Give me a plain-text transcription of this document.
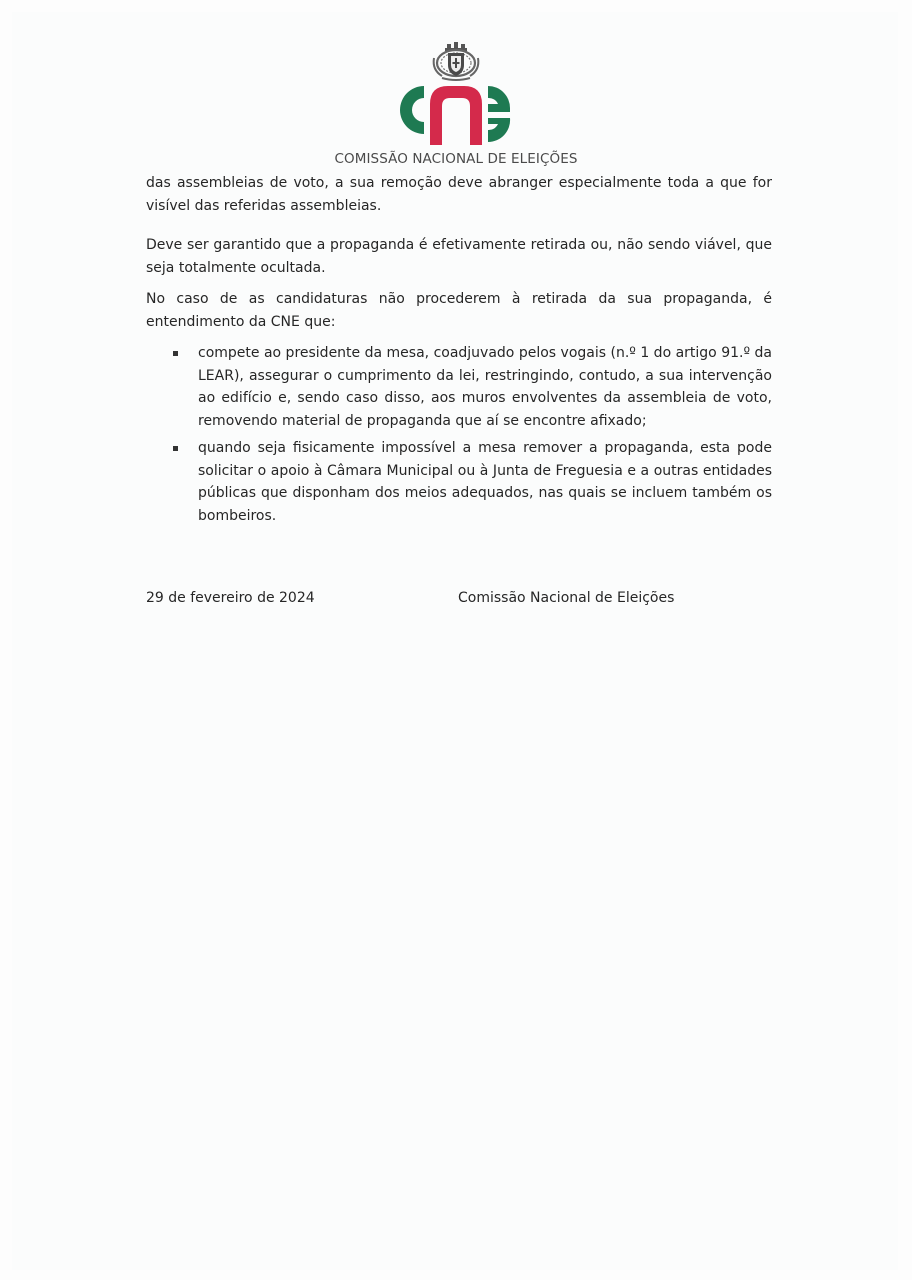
COMISSÃO NACIONAL DE ELEIÇÕES

das assembleias de voto, a sua remoção deve abranger especialmente toda a que for visível das referidas assembleias.

Deve ser garantido que a propaganda é efetivamente retirada ou, não sendo viável, que seja totalmente ocultada.

No caso de as candidaturas não procederem à retirada da sua propaganda, é entendimento da CNE que:

compete ao presidente da mesa, coadjuvado pelos vogais (n.º 1 do artigo 91.º da LEAR), assegurar o cumprimento da lei, restringindo, contudo, a sua intervenção ao edifício e, sendo caso disso, aos muros envolventes da assembleia de voto, removendo material de propaganda que aí se encontre afixado;
quando seja fisicamente impossível a mesa remover a propaganda, esta pode solicitar o apoio à Câmara Municipal ou à Junta de Freguesia e a outras entidades públicas que disponham dos meios adequados, nas quais se incluem também os bombeiros.
29 de fevereiro de 2024	Comissão Nacional de Eleições
